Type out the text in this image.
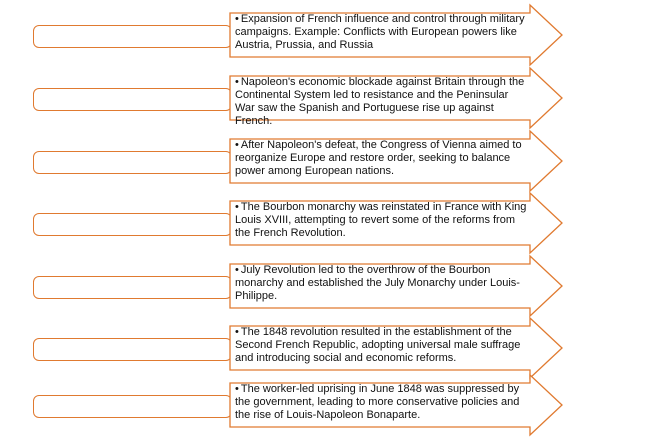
• Expansion of French influence and control through military campaigns. Example: Conflicts with European powers like Austria, Prussia, and Russia
• Napoleon's economic blockade against Britain through the Continental System led to resistance and the Peninsular War saw the Spanish and Portuguese rise up against French.
• After Napoleon's defeat, the Congress of Vienna aimed to reorganize Europe and restore order, seeking to balance power among European nations.
• The Bourbon monarchy was reinstated in France with King Louis XVIII, attempting to revert some of the reforms from the French Revolution.
• July Revolution led to the overthrow of the Bourbon monarchy and established the July Monarchy under Louis-Philippe.
• The 1848 revolution resulted in the establishment of the Second French Republic, adopting universal male suffrage and introducing social and economic reforms.
• The worker-led uprising in June 1848 was suppressed by the government, leading to more conservative policies and the rise of Louis-Napoleon Bonaparte.
